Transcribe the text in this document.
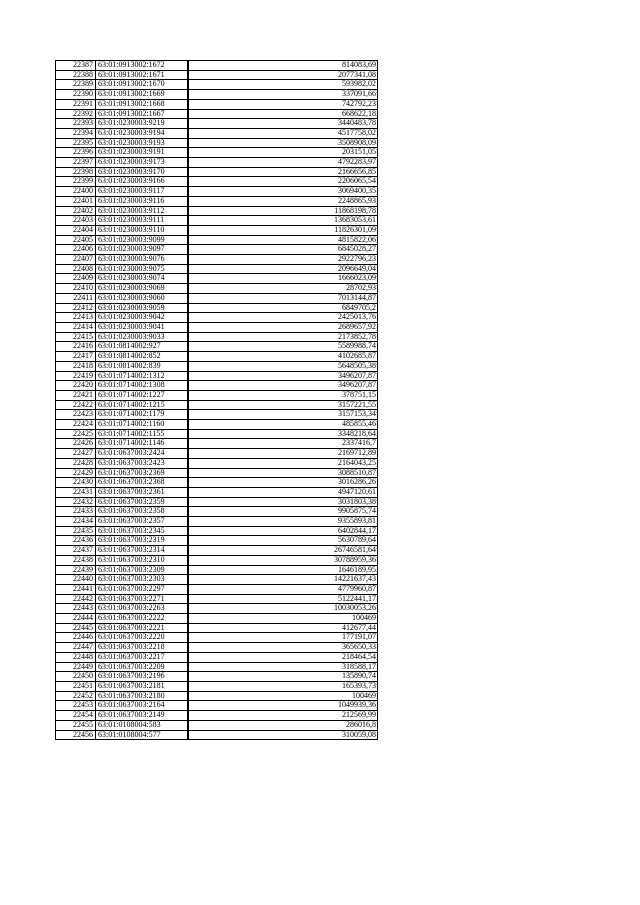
22387	63:01:0913002:1672	814083,69
22388	63:01:0913002:1671	2077341,08
22389	63:01:0913002:1670	593982,02
22390	63:01:0913002:1669	337091,66
22391	63:01:0913002:1668	742792,23
22392	63:01:0913002:1667	668622,18
22393	63:01:0230003:9219	3440483,78
22394	63:01:0230003:9194	4517758,02
22395	63:01:0230003:9193	3508908,09
22396	63:01:0230003:9191	203151,05
22397	63:01:0230003:9173	4792283,97
22398	63:01:0230003:9170	2166656,85
22399	63:01:0230003:9166	2206065,54
22400	63:01:0230003:9117	3069400,35
22401	63:01:0230003:9116	2248865,93
22402	63:01:0230003:9112	11868198,78
22403	63:01:0230003:9111	13683053,61
22404	63:01:0230003:9110	11826301,09
22405	63:01:0230003:9099	4815822,06
22406	63:01:0230003:9097	6845028,27
22407	63:01:0230003:9076	2922796,23
22408	63:01:0230003:9075	2096649,04
22409	63:01:0230003:9074	1666023,09
22410	63:01:0230003:9069	28702,93
22411	63:01:0230003:9060	7013144,87
22412	63:01:0230003:9059	6849705,2
22413	63:01:0230003:9042	2425013,76
22414	63:01:0230003:9041	2689657,92
22415	63:01:0230003:9033	2173852,78
22416	63:01:0814002:927	5589988,74
22417	63:01:0814002:852	4102685,87
22418	63:01:0814002:839	5648505,38
22419	63:01:0714002:1312	3496207,87
22420	63:01:0714002:1308	3496207,87
22421	63:01:0714002:1227	378751,15
22422	63:01:0714002:1215	3157221,55
22423	63:01:0714002:1179	3157153,34
22424	63:01:0714002:1160	485855,46
22425	63:01:0714002:1155	3348218,64
22426	63:01:0714002:1146	2337416,7
22427	63:01:0637003:2424	2169712,89
22428	63:01:0637003:2423	2164043,25
22429	63:01:0637003:2369	3088510,87
22430	63:01:0637003:2368	3016286,26
22431	63:01:0637003:2361	4947120,61
22432	63:01:0637003:2359	3031803,38
22433	63:01:0637003:2358	9905875,74
22434	63:01:0637003:2357	9355893,81
22435	63:01:0637003:2345	6402844,17
22436	63:01:0637003:2319	5630789,64
22437	63:01:0637003:2314	26746581,64
22438	63:01:0637003:2310	30788959,36
22439	63:01:0637003:2309	1646189,95
22440	63:01:0637003:2303	14221637,43
22441	63:01:0637003:2297	4779960,87
22442	63:01:0637003:2271	5122441,17
22443	63:01:0637003:2263	10030053,26
22444	63:01:0637003:2222	100469
22445	63:01:0637003:2221	412677,44
22446	63:01:0637003:2220	177191,07
22447	63:01:0637003:2218	365650,33
22448	63:01:0637003:2217	218464,54
22449	63:01:0637003:2209	318588,17
22450	63:01:0637003:2196	135890,74
22451	63:01:0637003:2181	165393,73
22452	63:01:0637003:2180	100469
22453	63:01:0637003:2164	1049939,36
22454	63:01:0637003:2149	212569,99
22455	63:01:0108004:583	286016,8
22456	63:01:0108004:577	310059,08
